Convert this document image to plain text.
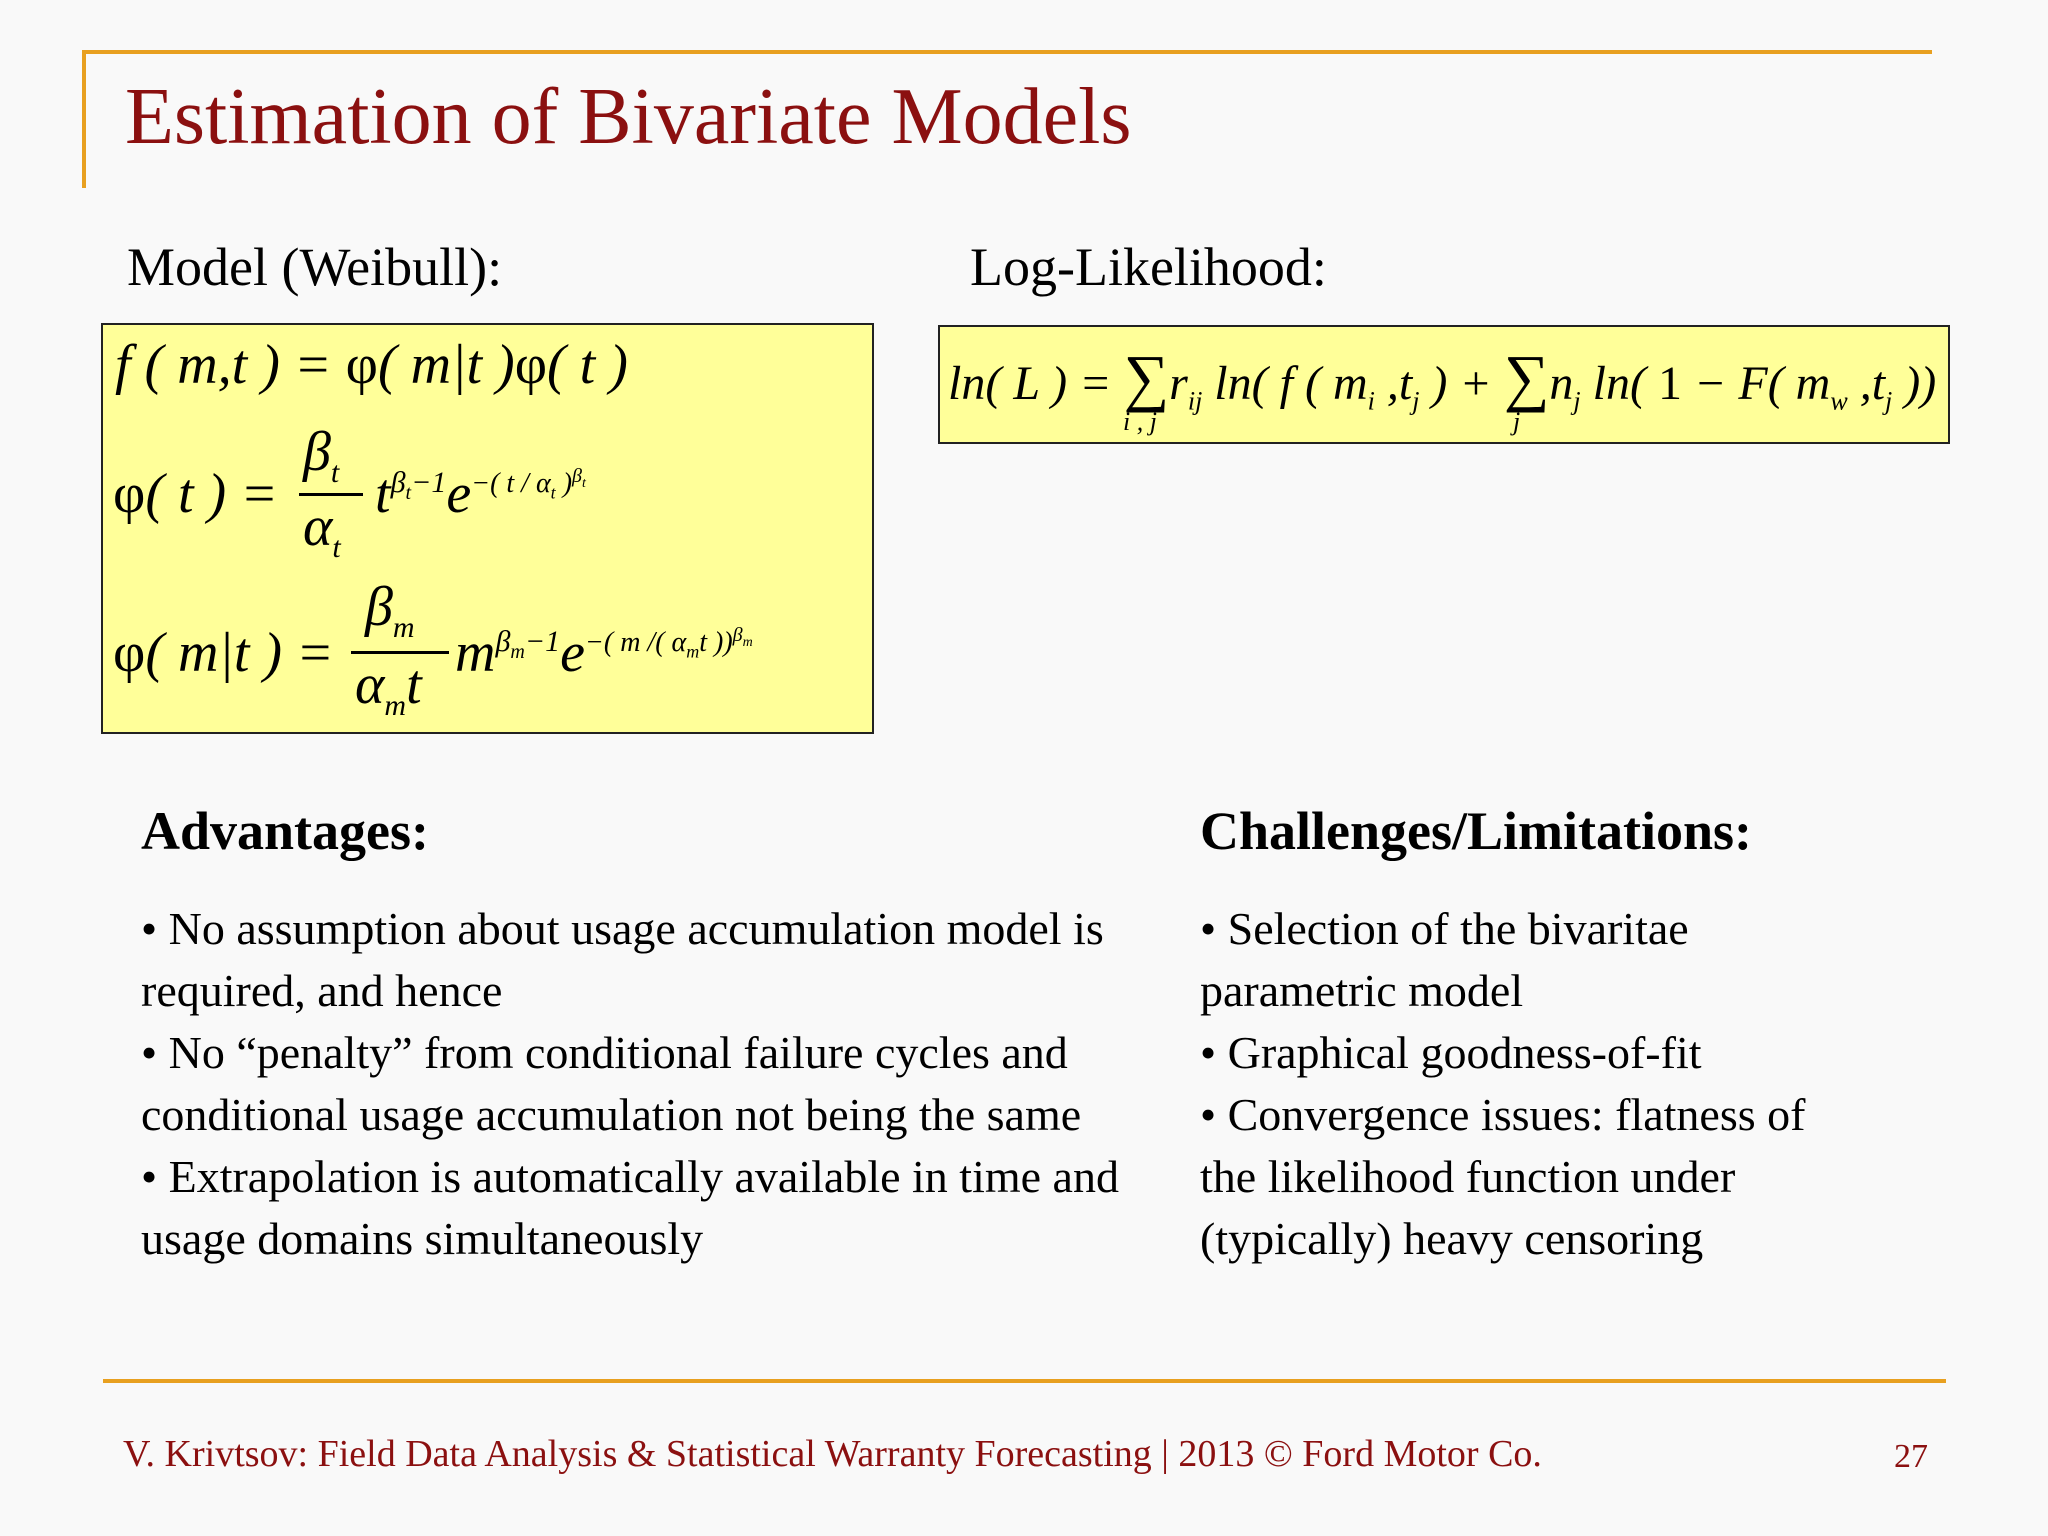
Estimation of Bivariate Models
Model (Weibull):	Log-Likelihood:
f ( m,t ) = φ( m|t )φ( t )
φ( t ) =
$\beta_t$
$\alpha_t$
$t^{\beta_t-1}e^{-( t / \alpha_t )^{\beta_t}}$
φ( m|t ) =
$\beta_m$
$\alpha_mt$
$m^{\beta_m-1}e^{-( m /( \alpha_mt ))^{\beta_m}}$
ln( L ) = $\sum r_{ij}$ ln( f ( $m_i$ $,t_j$ ) + $\sum n_j$ ln( 1 − F( $m_w$ $,t_j$ ))
i , j	j
Advantages:
• No assumption about usage accumulation model is required, and hence
• No “penalty” from conditional failure cycles and conditional usage accumulation not being the same
• Extrapolation is automatically available in time and usage domains simultaneously
Challenges/Limitations:
• Selection of the bivaritae parametric model
• Graphical goodness-of-fit
• Convergence issues: flatness of the likelihood function under (typically) heavy censoring
V. Krivtsov: Field Data Analysis & Statistical Warranty Forecasting | 2013 © Ford Motor Co.	27
